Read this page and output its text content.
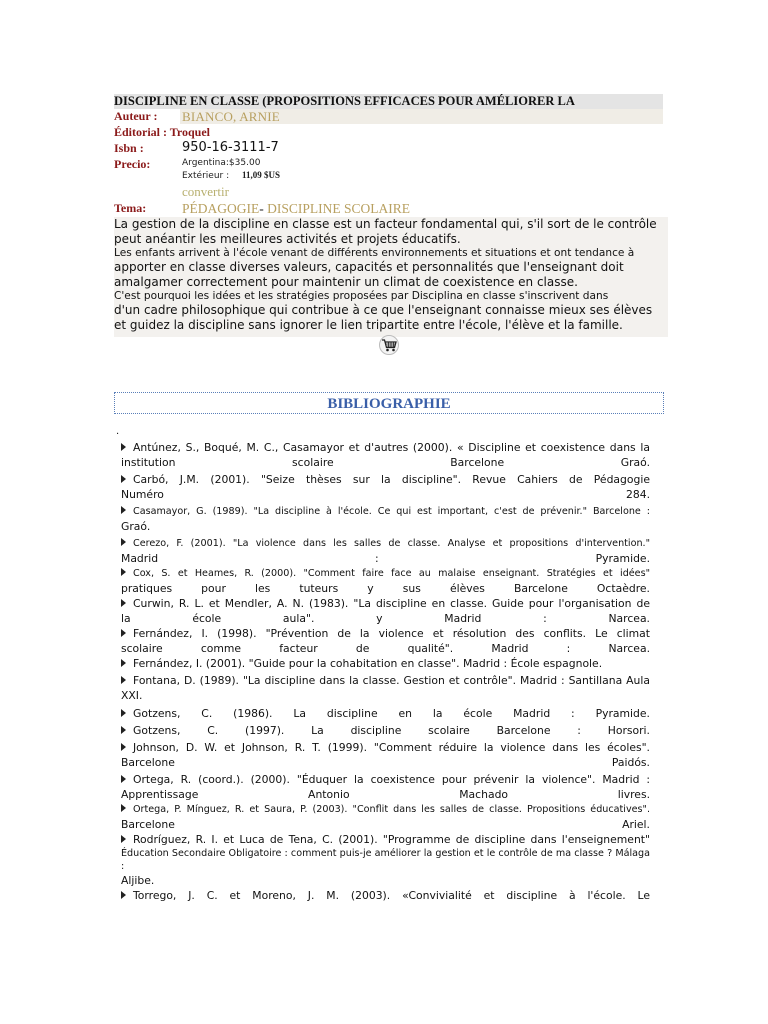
DISCIPLINE EN CLASSE (PROPOSITIONS EFFICACES POUR AMÉLIORER LA
Auteur : BIANCO, ARNIE
Éditorial : Troquel
Isbn :	950-16-3111-7
Precio:	Argentina:$35.00
Extérieur : 11,09 $US
convertir
Tema:	PÉDAGOGIE- DISCIPLINE SCOLAIRE

La gestion de la discipline en classe est un facteur fondamental qui, s'il sort de le contrôle peut anéantir les meilleures activités et projets éducatifs.

Les enfants arrivent à l'école venant de différents environnements et situations et ont tendance à

apporter en classe diverses valeurs, capacités et personnalités que l'enseignant doit amalgamer correctement pour maintenir un climat de coexistence en classe.

C'est pourquoi les idées et les stratégies proposées par Disciplina en classe s'inscrivent dans

d'un cadre philosophique qui contribue à ce que l'enseignant connaisse mieux ses élèves et guidez la discipline sans ignorer le lien tripartite entre l'école, l'élève et la famille.

BIBLIOGRAPHIE
.

Antúnez, S., Boqué, M. C., Casamayor et d'autres (2000). « Discipline et coexistence dans la

institution scolaire Barcelone Graó.

Carbó, J.M. (2001). "Seize thèses sur la discipline". Revue Cahiers de Pédagogie

Numéro 284.

Casamayor, G. (1989). "La discipline à l'école. Ce qui est important, c'est de prévenir." Barcelone :

Graó.

Cerezo, F. (2001). "La violence dans les salles de classe. Analyse et propositions d'intervention."

Madrid : Pyramide.

Cox, S. et Heames, R. (2000). "Comment faire face au malaise enseignant. Stratégies et idées"

pratiques pour les tuteurs y sus élèves Barcelone Octaèdre.

Curwin, R. L. et Mendler, A. N. (1983). "La discipline en classe. Guide pour l'organisation de

la école aula". y Madrid : Narcea.

Fernández, I. (1998). "Prévention de la violence et résolution des conflits. Le climat

scolaire comme facteur de qualité". Madrid : Narcea.

Fernández, I. (2001). "Guide pour la cohabitation en classe". Madrid : École espagnole.

Fontana, D. (1989). "La discipline dans la classe. Gestion et contrôle". Madrid : Santillana Aula

XXI.

Gotzens, C. (1986). La discipline en la école Madrid : Pyramide.

Gotzens, C. (1997). La discipline scolaire Barcelone : Horsori.

Johnson, D. W. et Johnson, R. T. (1999). "Comment réduire la violence dans les écoles".

Barcelone Paidós.

Ortega, R. (coord.). (2000). "Éduquer la coexistence pour prévenir la violence". Madrid :

Apprentissage Antonio Machado livres.

Ortega, P. Mínguez, R. et Saura, P. (2003). "Conflit dans les salles de classe. Propositions éducatives".

Barcelone Ariel.

Rodríguez, R. I. et Luca de Tena, C. (2001). "Programme de discipline dans l'enseignement"

Éducation Secondaire Obligatoire : comment puis-je améliorer la gestion et le contrôle de ma classe ? Málaga :

Aljibe.

Torrego, J. C. et Moreno, J. M. (2003). «Convivialité et discipline à l'école. Le
